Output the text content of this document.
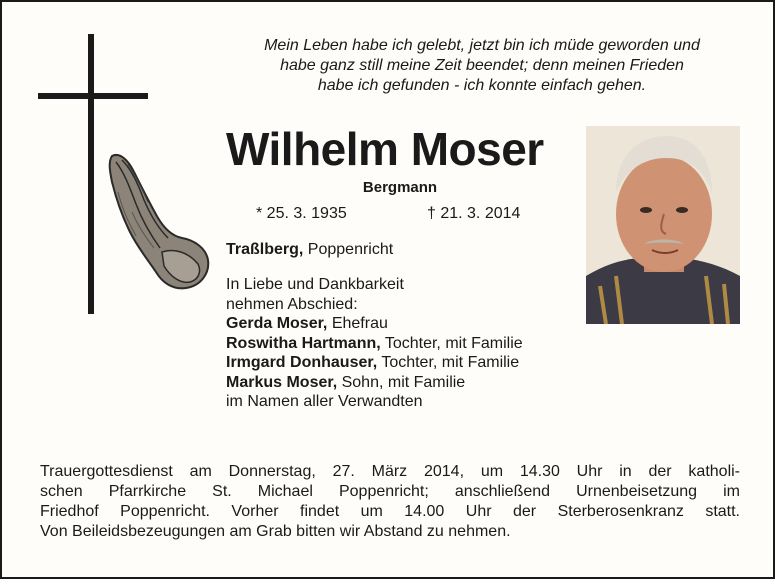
Mein Leben habe ich gelebt, jetzt bin ich müde geworden und
habe ganz still meine Zeit beendet; denn meinen Frieden
habe ich gefunden - ich konnte einfach gehen.
Wilhelm Moser
Bergmann
* 25. 3. 1935	† 21. 3. 2014
Traßlberg, Poppenricht
In Liebe und Dankbarkeit
nehmen Abschied:
Gerda Moser, Ehefrau
Roswitha Hartmann, Tochter, mit Familie
Irmgard Donhauser, Tochter, mit Familie
Markus Moser, Sohn, mit Familie
im Namen aller Verwandten
Trauergottesdienst am Donnerstag, 27. März 2014, um 14.30 Uhr in der katholi-
schen Pfarrkirche St. Michael Poppenricht; anschließend Urnenbeisetzung im
Friedhof Poppenricht. Vorher findet um 14.00 Uhr der Sterberosenkranz statt.
Von Beileidsbezeugungen am Grab bitten wir Abstand zu nehmen.
